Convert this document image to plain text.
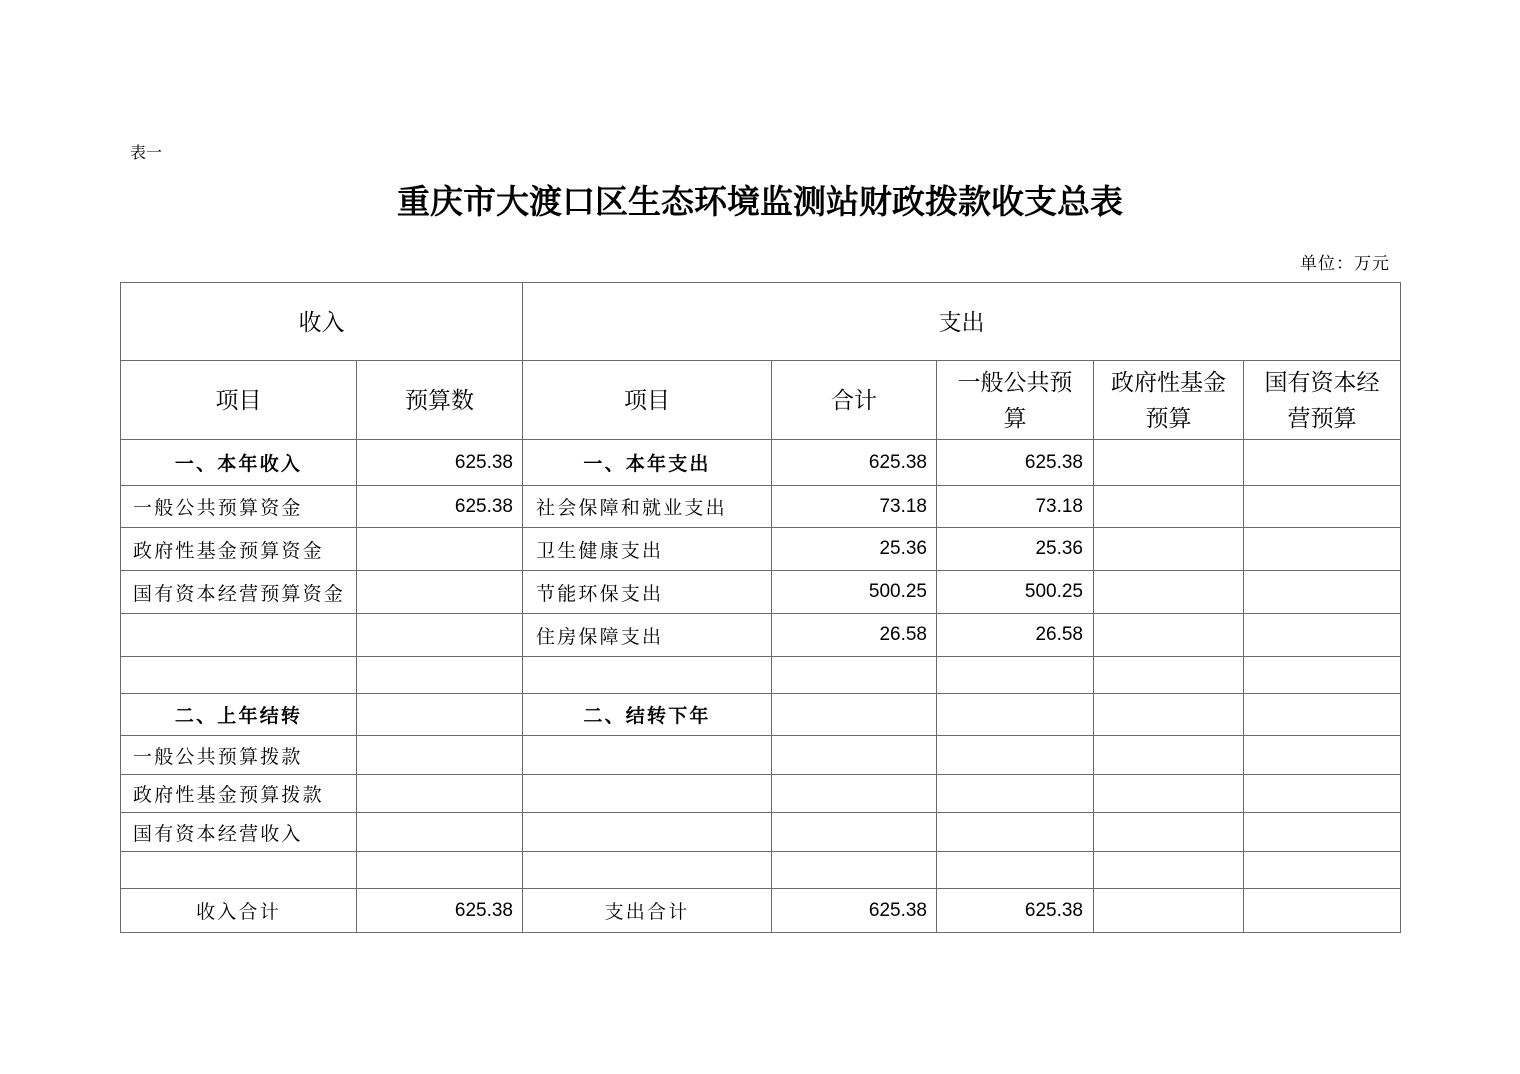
表一
重庆市大渡口区生态环境监测站财政拨款收支总表
单位：万元
收入		支出				
项目	预算数	项目	合计	一般公共预算	政府性基金预算	国有资本经营预算
一、本年收入	625.38	一、本年支出	625.38	625.38		
一般公共预算资金	625.38	社会保障和就业支出	73.18	73.18		
政府性基金预算资金		卫生健康支出	25.36	25.36		
国有资本经营预算资金		节能环保支出	500.25	500.25		
		住房保障支出	26.58	26.58		

二、上年结转		二、结转下年				
一般公共预算拨款						
政府性基金预算拨款						
国有资本经营收入						

收入合计	625.38	支出合计	625.38	625.38		
